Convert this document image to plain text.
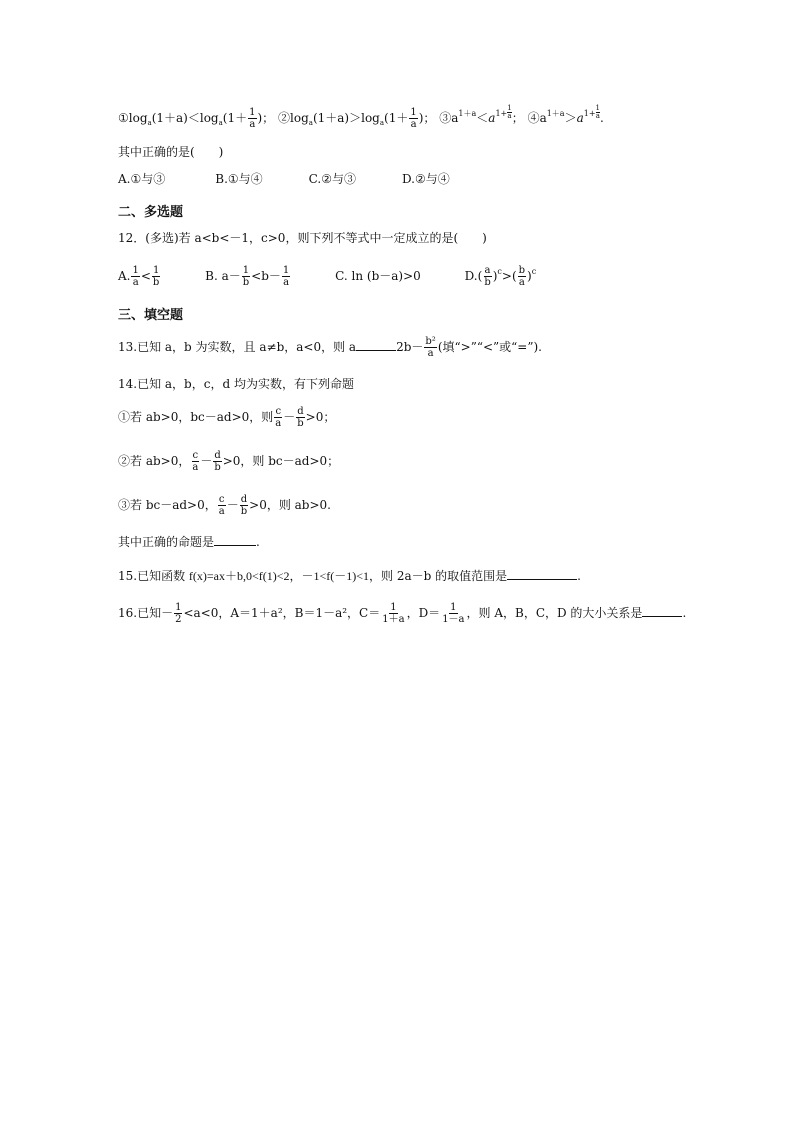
$①\log_a(1+a)<\log_a(1+ \frac{1}{a}$ )； $②\log_a(1+a)>\log_a(1+ \frac{1}{a}$ )； $③a^{1+a}<a^{1+} \frac{1}{a}$ ； $④a^{1+a}>a^{1+} \frac{1}{a}$ .
其中正确的是(　　)
A.①与③	B.①与④	C.②与③	D.②与④
二、多选题
12．(多选)若 a<b<－1，c>0，则下列不等式中一定成立的是(　　)
A. $\frac{1}{a} < \frac{1}{b}$	B. $a- \frac{1}{b} <b- \frac{1}{a}$	C. ln (b－a)>0	$D.( \frac{a}{b} )^c>( \frac{b}{a} )^c$
三、填空题
13.已知 a，b 为实数，且 a≠b，a<0，则 a	$2b- \frac{\text{b²}}{a}$ (填“>”“<”或“=”).
14.已知 a，b，c，d 均为实数，有下列命题
①若 ab>0，bc－ad>0，则 $\frac{c}{a} - \frac{d}{b} >0$；
②若 ab>0， $\frac{c}{a} - \frac{d}{b} >0$，则 bc－ad>0；
③若 bc－ad>0， $\frac{c}{a} - \frac{d}{b} >0$，则 ab>0.
其中正确的命题是	.
15.已知函数 f(x)=ax＋b,0<f(1)<2，－1<f(－1)<1，则 2a－b 的取值范围是	.
16.已知－ $\frac{1}{2} <a<0$，A＝1＋a²，B＝1－a²，$C= \frac{1}{1+a}$ ，$D= \frac{1}{1-a}$ ，则 A，B，C，D 的大小关系是	.
